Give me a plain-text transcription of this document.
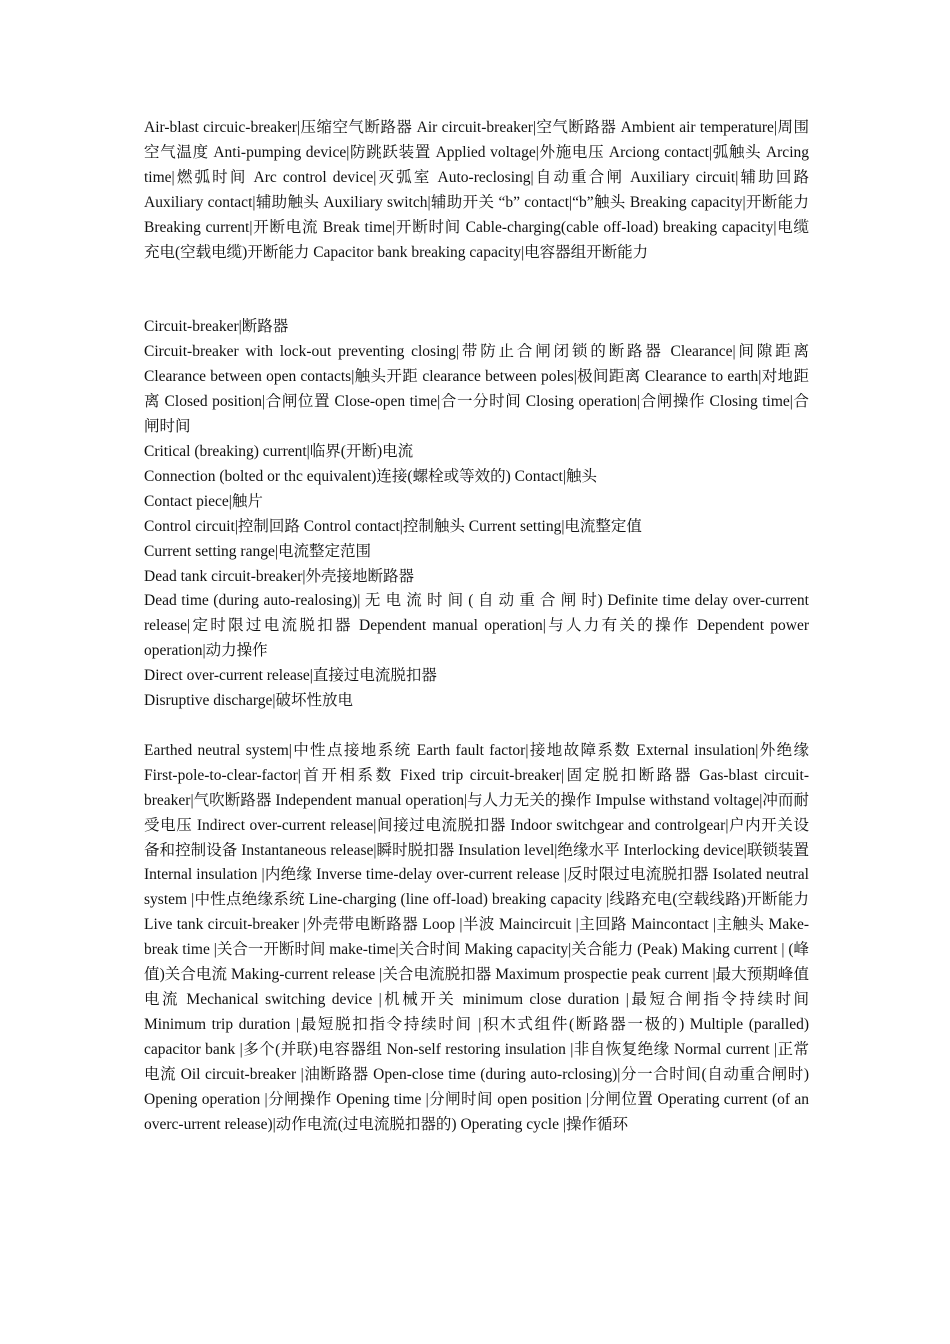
Air-blast circuic-breaker|压缩空气断路器 Air circuit-breaker|空气断路器 Ambient air temperature|周围空气温度 Anti-pumping device|防跳跃装置 Applied voltage|外施电压 Arciong contact|弧触头 Arcing time|燃弧时间 Arc control device|灭弧室 Auto-reclosing|自动重合闸 Auxiliary circuit|辅助回路 Auxiliary contact|辅助触头 Auxiliary switch|辅助开关 “b” contact|“b”触头 Breaking capacity|开断能力 Breaking current|开断电流 Break time|开断时间 Cable-charging(cable off-load) breaking capacity|电缆充电(空载电缆)开断能力 Capacitor bank breaking capacity|电容器组开断能力

Circuit-breaker|断路器
Circuit-breaker with lock-out preventing closing|带防止合闸闭锁的断路器 Clearance|间隙距离 Clearance between open contacts|触头开距 clearance between poles|极间距离 Clearance to earth|对地距离 Closed position|合闸位置 Close-open time|合一分时间 Closing operation|合闸操作 Closing time|合闸时间
Critical (breaking) current|临界(开断)电流
Connection (bolted or thc equivalent)连接(螺栓或等效的) Contact|触头
Contact piece|触片
Control circuit|控制回路 Control contact|控制触头 Current setting|电流整定值
Current setting range|电流整定范围
Dead tank circuit-breaker|外壳接地断路器
Dead time (during auto-realosing)| 无 电 流 时 间 ( 自 动 重 合 闸 时) Definite time delay over-current release|定时限过电流脱扣器 Dependent manual operation|与人力有关的操作 Dependent power operation|动力操作
Direct over-current release|直接过电流脱扣器
Disruptive discharge|破坏性放电

Earthed neutral system|中性点接地系统 Earth fault factor|接地故障系数 External insulation|外绝缘 First-pole-to-clear-factor|首开相系数 Fixed trip circuit-breaker|固定脱扣断路器 Gas-blast circuit-breaker|气吹断路器 Independent manual operation|与人力无关的操作 Impulse withstand voltage|冲而耐受电压 Indirect over-current release|间接过电流脱扣器 Indoor switchgear and controlgear|户内开关设备和控制设备 Instantaneous release|瞬时脱扣器 Insulation level|绝缘水平 Interlocking device|联锁装置 Internal insulation |内绝缘 Inverse time-delay over-current release |反时限过电流脱扣器 Isolated neutral system |中性点绝缘系统 Line-charging (line off-load) breaking capacity |线路充电(空载线路)开断能力 Live tank circuit-breaker |外壳带电断路器 Loop |半波 Maincircuit |主回路 Maincontact |主触头 Make-break time |关合一开断时间 make-time|关合时间 Making capacity|关合能力 (Peak) Making current | (峰值)关合电流 Making-current release |关合电流脱扣器 Maximum prospectie peak current |最大预期峰值电流 Mechanical switching device |机械开关 minimum close duration |最短合闸指令持续时间 Minimum trip duration |最短脱扣指令持续时间 |积木式组件(断路器一极的) Multiple (paralled) capacitor bank |多个(并联)电容器组 Non-self restoring insulation |非自恢复绝缘 Normal current |正常电流 Oil circuit-breaker |油断路器 Open-close time (during auto-rclosing)|分一合时间(自动重合闸时) Opening operation |分闸操作 Opening time |分闸时间 open position |分闸位置 Operating current (of an overc-urrent release)|动作电流(过电流脱扣器的) Operating cycle |操作循环
